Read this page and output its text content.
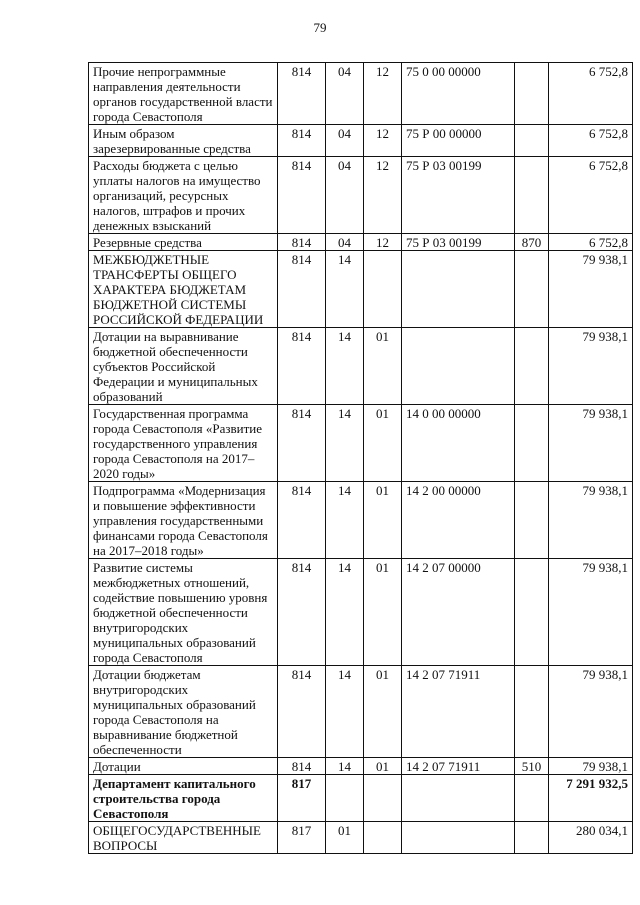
79
Прочие непрограммные направления деятельности органов государственной власти города Севастополя	814	04	12	75 0 00 00000		6 752,8
Иным образом зарезервированные средства	814	04	12	75 Р 00 00000		6 752,8
Расходы бюджета с целью уплаты налогов на имущество организаций, ресурсных налогов, штрафов и прочих денежных взысканий	814	04	12	75 Р 03 00199		6 752,8
Резервные средства	814	04	12	75 Р 03 00199	870	6 752,8
МЕЖБЮДЖЕТНЫЕ ТРАНСФЕРТЫ ОБЩЕГО ХАРАКТЕРА БЮДЖЕТАМ БЮДЖЕТНОЙ СИСТЕМЫ РОССИЙСКОЙ ФЕДЕРАЦИИ	814	14				79 938,1
Дотации на выравнивание бюджетной обеспеченности субъектов Российской Федерации и муниципальных образований	814	14	01			79 938,1
Государственная программа города Севастополя «Развитие государственного управления города Севастополя на 2017–2020 годы»	814	14	01	14 0 00 00000		79 938,1
Подпрограмма «Модернизация и повышение эффективности управления государственными финансами города Севастополя на 2017–2018 годы»	814	14	01	14 2 00 00000		79 938,1
Развитие системы межбюджетных отношений, содействие повышению уровня бюджетной обеспеченности внутригородских муниципальных образований города Севастополя	814	14	01	14 2 07 00000		79 938,1
Дотации бюджетам внутригородских муниципальных образований города Севастополя на выравнивание бюджетной обеспеченности	814	14	01	14 2 07 71911		79 938,1
Дотации	814	14	01	14 2 07 71911	510	79 938,1
Департамент капитального строительства города Севастополя	817					7 291 932,5
ОБЩЕГОСУДАРСТВЕННЫЕ ВОПРОСЫ	817	01				280 034,1
